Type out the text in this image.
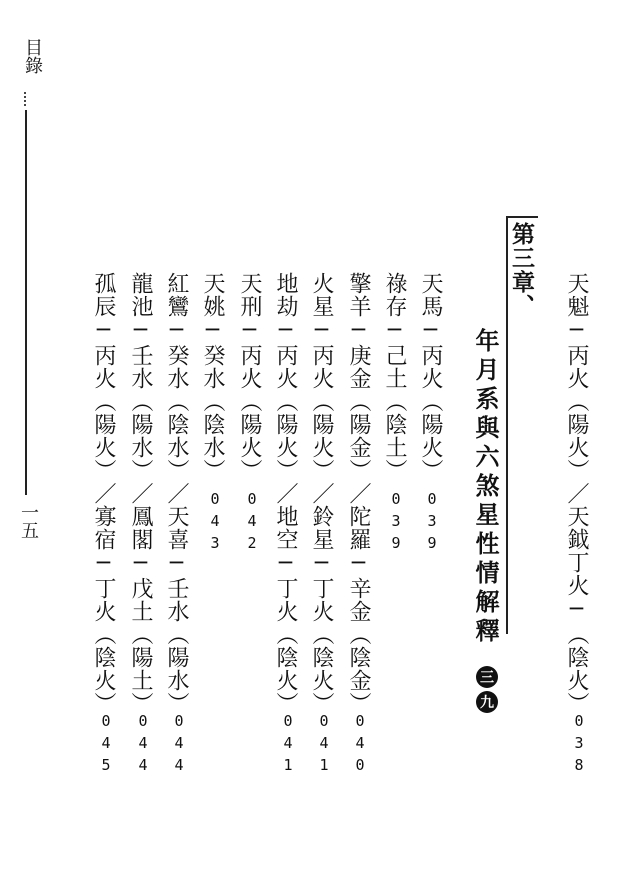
目錄
一五
第三章、
年月系與六煞星性情解釋
三
九	天魁─丙火（陽火）／天鉞丁火─（陰火）
038
天馬─丙火（陽火）
039
祿存─己土（陰土）
039
擎羊─庚金（陽金）／陀羅─辛金（陰金）
040
火星─丙火（陽火）／鈴星─丁火（陰火）
041
地劫─丙火（陽火）／地空─丁火（陰火）
041
天刑─丙火（陽火）
042
天姚─癸水（陰水）
043
紅鸞─癸水（陰水）／天喜─壬水（陽水）
044
龍池─壬水（陽水）／鳳閣─戊土（陽土）
044
孤辰─丙火（陽火）／寡宿─丁火（陰火）
045
